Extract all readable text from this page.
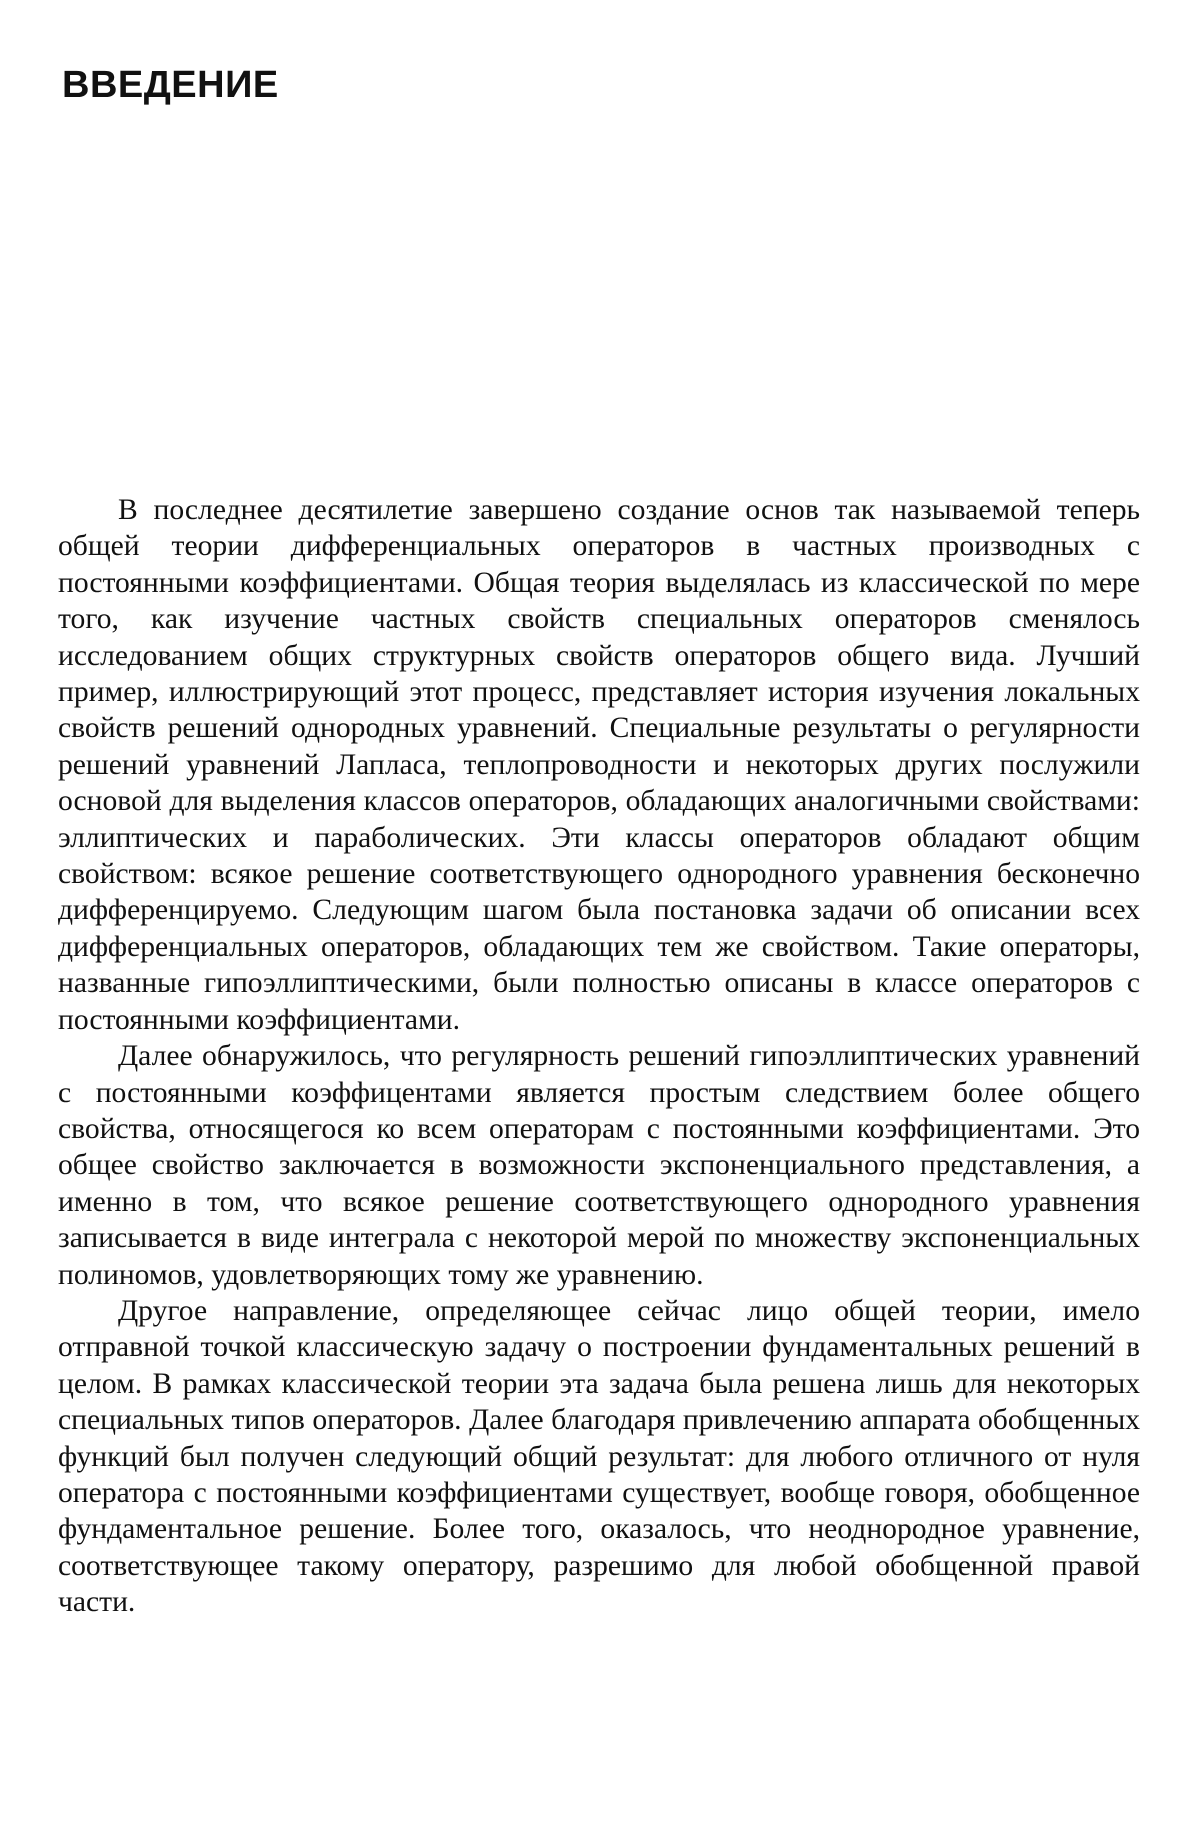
ВВЕДЕНИЕ

В последнее десятилетие завершено создание основ так называемой теперь общей теории дифференциальных операторов в частных производных с постоянными коэффициентами. Общая теория выделялась из классической по мере того, как изучение частных свойств специальных операторов сменялось исследованием общих структурных свойств операторов общего вида. Лучший пример, иллюстрирующий этот процесс, представляет история изучения локальных свойств решений однородных уравнений. Специальные результаты о регулярности решений уравнений Лапласа, теплопроводности и некоторых других послужили основой для выделения классов операторов, обладающих аналогичными свойствами: эллиптических и параболических. Эти классы операторов обладают общим свойством: всякое решение соответствующего однородного уравнения бесконечно дифференцируемо. Следующим шагом была постановка задачи об описании всех дифференциальных операторов, обладающих тем же свойством. Такие операторы, названные гипоэллиптическими, были полностью описаны в классе операторов с постоянными коэффициентами.

Далее обнаружилось, что регулярность решений гипоэллиптических уравнений с постоянными коэффицентами является простым следствием более общего свойства, относящегося ко всем операторам с постоянными коэффициентами. Это общее свойство заключается в возможности экспоненциального представления, а именно в том, что всякое решение соответствующего однородного уравнения записывается в виде интеграла с некоторой мерой по множеству экспоненциальных полиномов, удовлетворяющих тому же уравнению.

Другое направление, определяющее сейчас лицо общей теории, имело отправной точкой классическую задачу о построении фундаментальных решений в целом. В рамках классической теории эта задача была решена лишь для некоторых специальных типов операторов. Далее благодаря привлечению аппарата обобщенных функций был получен следующий общий результат: для любого отличного от нуля оператора с постоянными коэффициентами существует, вообще говоря, обобщенное фундаментальное решение. Более того, оказалось, что неоднородное уравнение, соответствующее такому оператору, разрешимо для любой обобщенной правой части.
